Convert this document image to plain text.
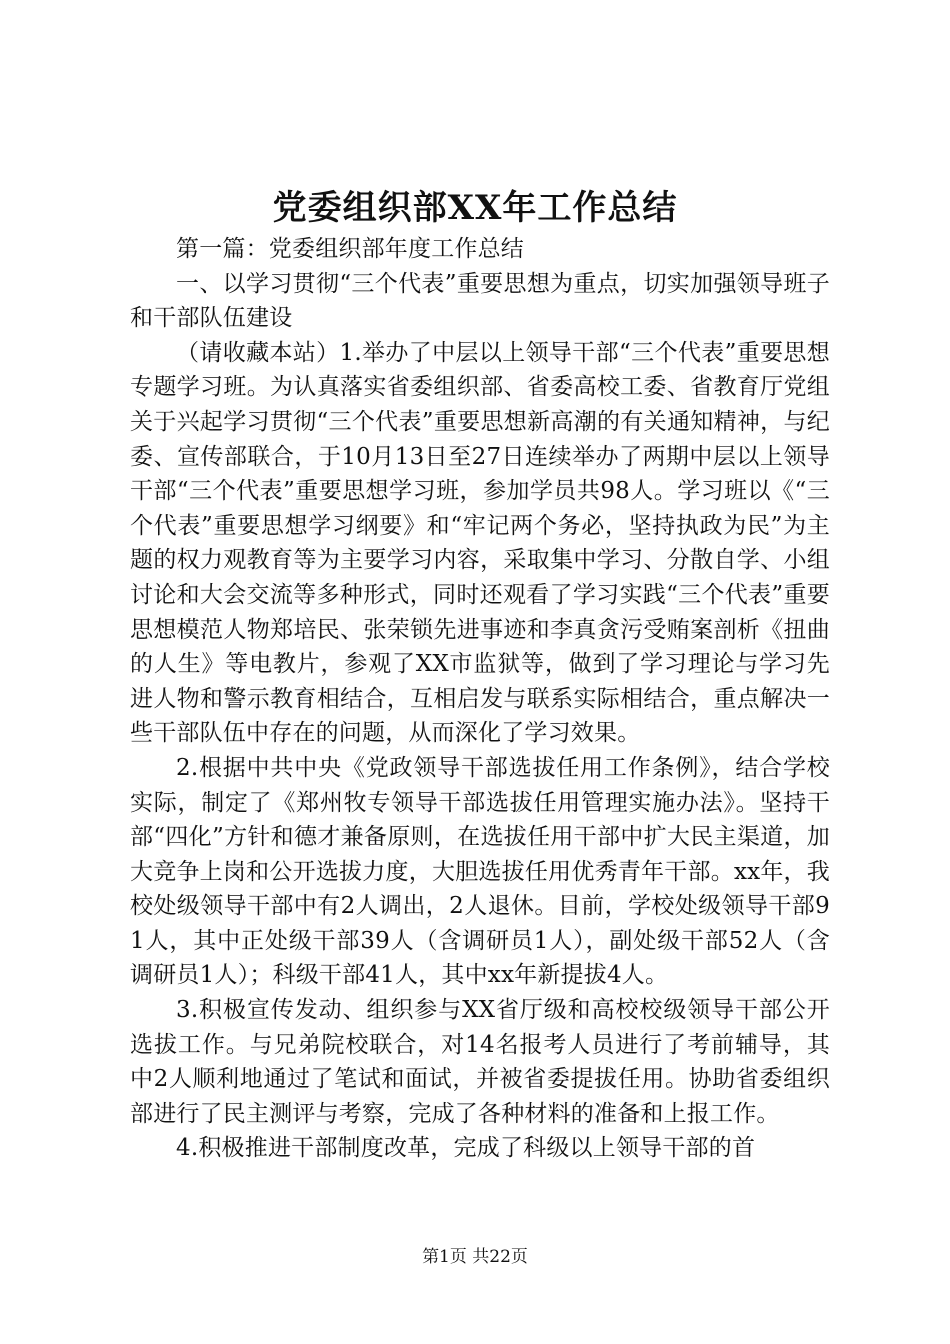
党委组织部XX年工作总结

第一篇：党委组织部年度工作总结

一、以学习贯彻“三个代表”重要思想为重点，切实加强领导班子和干部队伍建设

（请收藏本站）1.举办了中层以上领导干部“三个代表”重要思想专题学习班。为认真落实省委组织部、省委高校工委、省教育厅党组关于兴起学习贯彻“三个代表”重要思想新高潮的有关通知精神，与纪委、宣传部联合，于10月13日至27日连续举办了两期中层以上领导干部“三个代表”重要思想学习班，参加学员共98人。学习班以《“三个代表”重要思想学习纲要》和“牢记两个务必，坚持执政为民”为主题的权力观教育等为主要学习内容，采取集中学习、分散自学、小组讨论和大会交流等多种形式，同时还观看了学习实践“三个代表”重要思想模范人物郑培民、张荣锁先进事迹和李真贪污受贿案剖析《扭曲的人生》等电教片，参观了XX市监狱等，做到了学习理论与学习先进人物和警示教育相结合，互相启发与联系实际相结合，重点解决一些干部队伍中存在的问题，从而深化了学习效果。

2.根据中共中央《党政领导干部选拔任用工作条例》，结合学校实际，制定了《郑州牧专领导干部选拔任用管理实施办法》。坚持干部“四化”方针和德才兼备原则，在选拔任用干部中扩大民主渠道，加大竞争上岗和公开选拔力度，大胆选拔任用优秀青年干部。xx年，我校处级领导干部中有2人调出，2人退休。目前，学校处级领导干部91人，其中正处级干部39人（含调研员1人），副处级干部52人（含调研员1人）；科级干部41人，其中xx年新提拔4人。

3.积极宣传发动、组织参与XX省厅级和高校校级领导干部公开选拔工作。与兄弟院校联合，对14名报考人员进行了考前辅导，其中2人顺利地通过了笔试和面试，并被省委提拔任用。协助省委组织部进行了民主测评与考察，完成了各种材料的准备和上报工作。

4.积极推进干部制度改革，完成了科级以上领导干部的首

第1页 共22页
